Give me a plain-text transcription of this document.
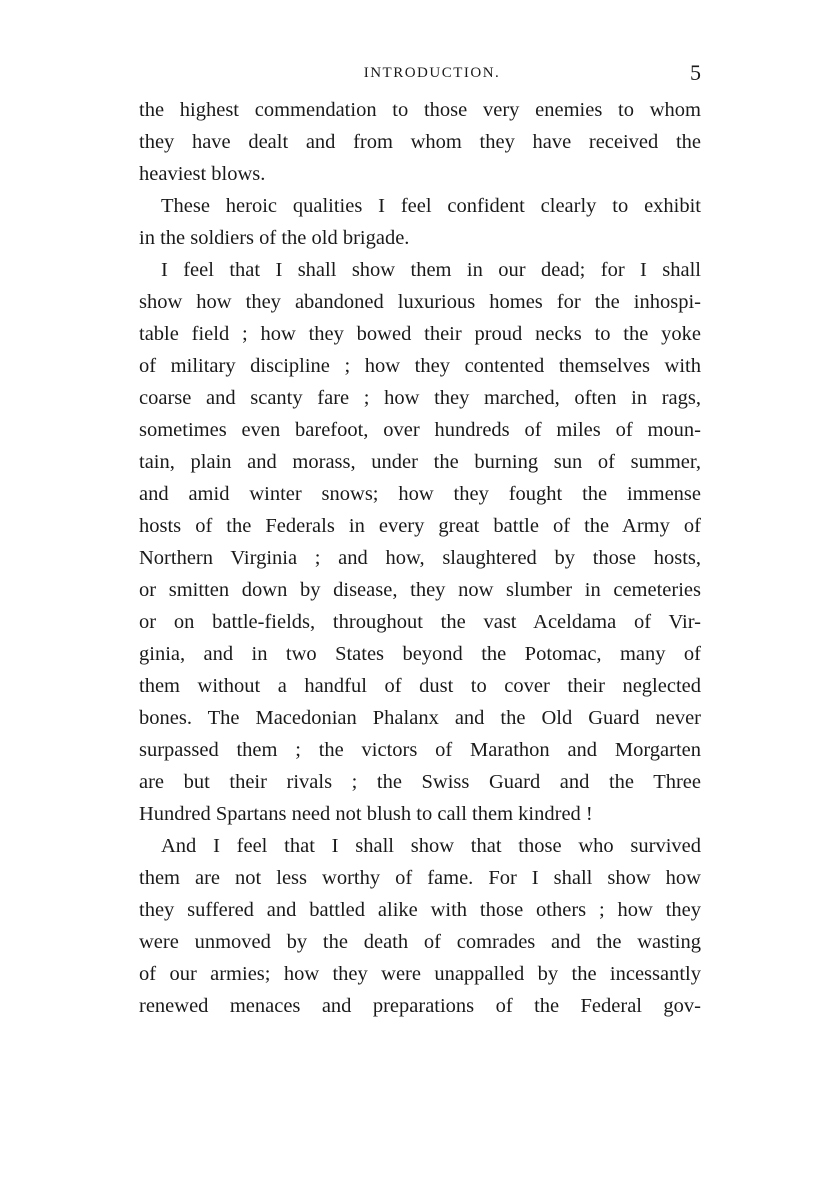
INTRODUCTION.	5

the highest commendation to those very enemies to whom
they have dealt and from whom they have received the
heaviest blows.

These heroic qualities I feel confident clearly to exhibit
in the soldiers of the old brigade.

I feel that I shall show them in our dead; for I shall
show how they abandoned luxurious homes for the inhospi-
table field ; how they bowed their proud necks to the yoke
of military discipline ; how they contented themselves with
coarse and scanty fare ; how they marched, often in rags,
sometimes even barefoot, over hundreds of miles of moun-
tain, plain and morass, under the burning sun of summer,
and amid winter snows; how they fought the immense
hosts of the Federals in every great battle of the Army of
Northern Virginia ; and how, slaughtered by those hosts,
or smitten down by disease, they now slumber in cemeteries
or on battle-fields, throughout the vast Aceldama of Vir-
ginia, and in two States beyond the Potomac, many of
them without a handful of dust to cover their neglected
bones. The Macedonian Phalanx and the Old Guard never
surpassed them ; the victors of Marathon and Morgarten
are but their rivals ; the Swiss Guard and the Three
Hundred Spartans need not blush to call them kindred !

And I feel that I shall show that those who survived
them are not less worthy of fame. For I shall show how
they suffered and battled alike with those others ; how they
were unmoved by the death of comrades and the wasting
of our armies; how they were unappalled by the incessantly
renewed menaces and preparations of the Federal gov-
